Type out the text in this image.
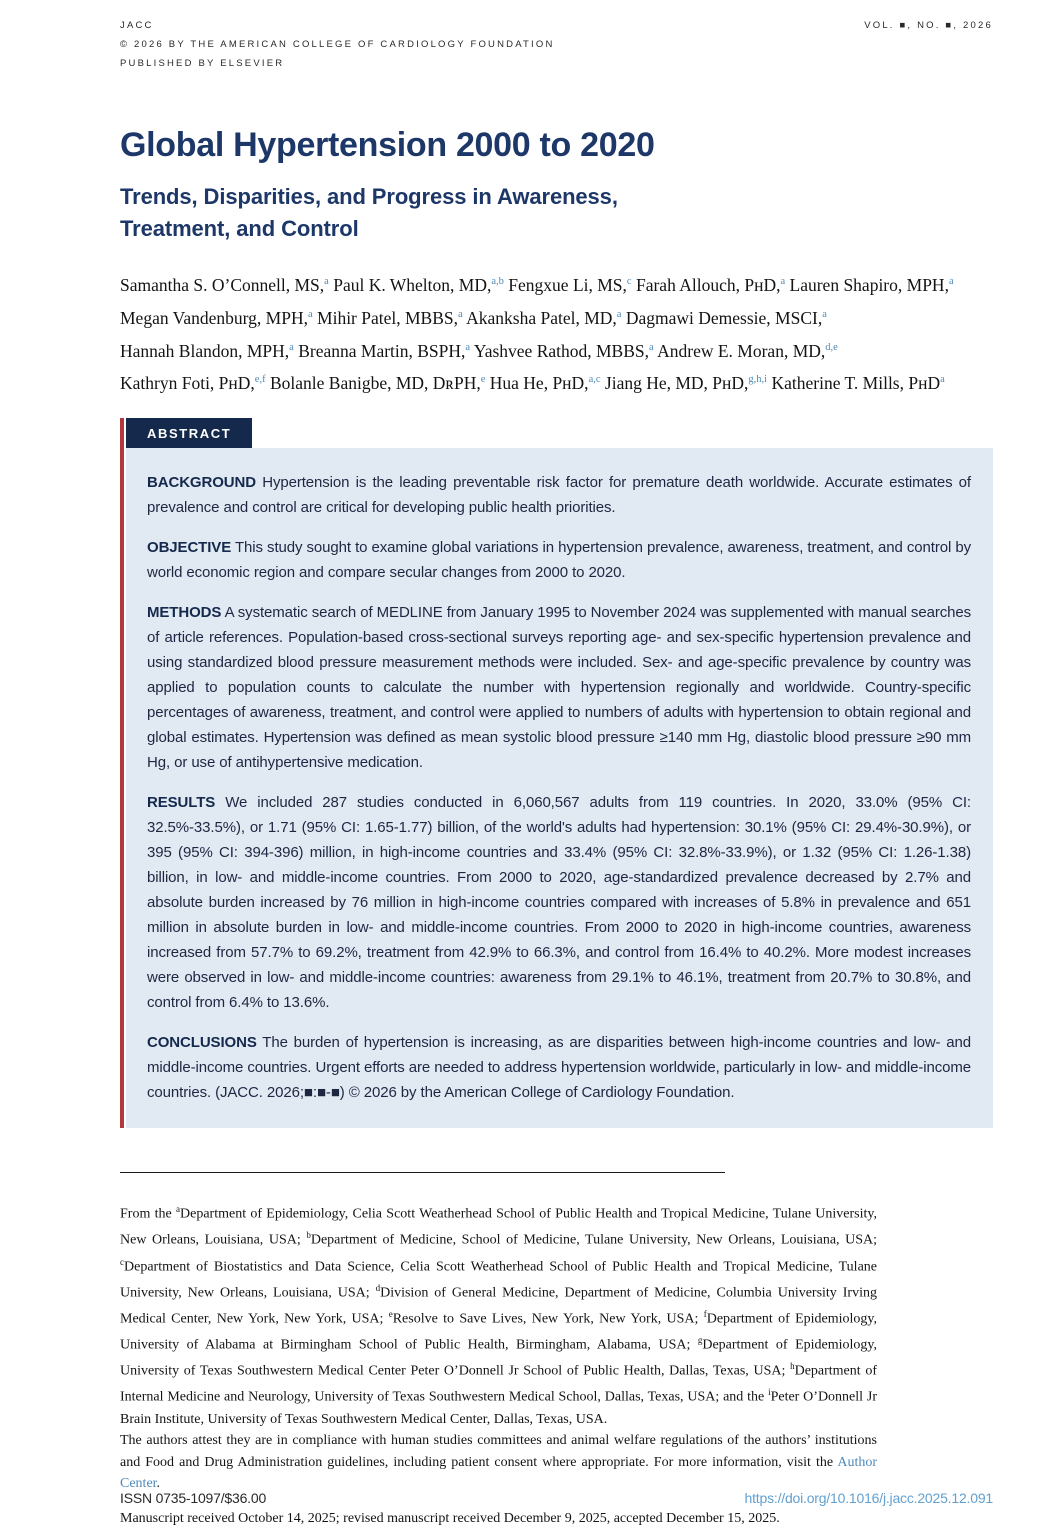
JACC
© 2026 BY THE AMERICAN COLLEGE OF CARDIOLOGY FOUNDATION
PUBLISHED BY ELSEVIER
VOL. ■, NO. ■, 2026
Global Hypertension 2000 to 2020
Trends, Disparities, and Progress in Awareness,
Treatment, and Control
Samantha S. O’Connell, MS,$^a$ Paul K. Whelton, MD,$^{a,b}$ Fengxue Li, MS,$^c$ Farah Allouch, PʜD,$^a$ Lauren Shapiro, MPH,$^a$
Megan Vandenburg, MPH,$^a$ Mihir Patel, MBBS,$^a$ Akanksha Patel, MD,$^a$ Dagmawi Demessie, MSCI,$^a$
Hannah Blandon, MPH,$^a$ Breanna Martin, BSPH,$^a$ Yashvee Rathod, MBBS,$^a$ Andrew E. Moran, MD,$^{d,e}$
Kathryn Foti, PʜD,$^{e,f}$ Bolanle Banigbe, MD, DʀPH,$^e$ Hua He, PʜD,$^{a,c}$ Jiang He, MD, PʜD,$^{g,h,i}$ Katherine T. Mills, PʜD$^a$
ABSTRACT

BACKGROUND Hypertension is the leading preventable risk factor for premature death worldwide. Accurate estimates of prevalence and control are critical for developing public health priorities.

OBJECTIVE This study sought to examine global variations in hypertension prevalence, awareness, treatment, and control by world economic region and compare secular changes from 2000 to 2020.

METHODS A systematic search of MEDLINE from January 1995 to November 2024 was supplemented with manual searches of article references. Population-based cross-sectional surveys reporting age- and sex-specific hypertension prevalence and using standardized blood pressure measurement methods were included. Sex- and age-specific prevalence by country was applied to population counts to calculate the number with hypertension regionally and worldwide. Country-specific percentages of awareness, treatment, and control were applied to numbers of adults with hypertension to obtain regional and global estimates. Hypertension was defined as mean systolic blood pressure ≥140 mm Hg, diastolic blood pressure ≥90 mm Hg, or use of antihypertensive medication.

RESULTS We included 287 studies conducted in 6,060,567 adults from 119 countries. In 2020, 33.0% (95% CI: 32.5%-33.5%), or 1.71 (95% CI: 1.65-1.77) billion, of the world's adults had hypertension: 30.1% (95% CI: 29.4%-30.9%), or 395 (95% CI: 394-396) million, in high-income countries and 33.4% (95% CI: 32.8%-33.9%), or 1.32 (95% CI: 1.26-1.38) billion, in low- and middle-income countries. From 2000 to 2020, age-standardized prevalence decreased by 2.7% and absolute burden increased by 76 million in high-income countries compared with increases of 5.8% in prevalence and 651 million in absolute burden in low- and middle-income countries. From 2000 to 2020 in high-income countries, awareness increased from 57.7% to 69.2%, treatment from 42.9% to 66.3%, and control from 16.4% to 40.2%. More modest increases were observed in low- and middle-income countries: awareness from 29.1% to 46.1%, treatment from 20.7% to 30.8%, and control from 6.4% to 13.6%.

CONCLUSIONS The burden of hypertension is increasing, as are disparities between high-income countries and low- and middle-income countries. Urgent efforts are needed to address hypertension worldwide, particularly in low- and middle-income countries. (JACC. 2026;■:■-■) © 2026 by the American College of Cardiology Foundation.

From the $^a$Department of Epidemiology, Celia Scott Weatherhead School of Public Health and Tropical Medicine, Tulane University, New Orleans, Louisiana, USA; $^b$Department of Medicine, School of Medicine, Tulane University, New Orleans, Louisiana, USA; $^c$Department of Biostatistics and Data Science, Celia Scott Weatherhead School of Public Health and Tropical Medicine, Tulane University, New Orleans, Louisiana, USA; $^d$Division of General Medicine, Department of Medicine, Columbia University Irving Medical Center, New York, New York, USA; $^e$Resolve to Save Lives, New York, New York, USA; $^f$Department of Epidemiology, University of Alabama at Birmingham School of Public Health, Birmingham, Alabama, USA; $^g$Department of Epidemiology, University of Texas Southwestern Medical Center Peter O’Donnell Jr School of Public Health, Dallas, Texas, USA; $^h$Department of Internal Medicine and Neurology, University of Texas Southwestern Medical School, Dallas, Texas, USA; and the $^i$Peter O’Donnell Jr Brain Institute, University of Texas Southwestern Medical Center, Dallas, Texas, USA.

The authors attest they are in compliance with human studies committees and animal welfare regulations of the authors’ institutions and Food and Drug Administration guidelines, including patient consent where appropriate. For more information, visit the Author Center.

Manuscript received October 14, 2025; revised manuscript received December 9, 2025, accepted December 15, 2025.

ISSN 0735-1097/$36.00	https://doi.org/10.1016/j.jacc.2025.12.091
